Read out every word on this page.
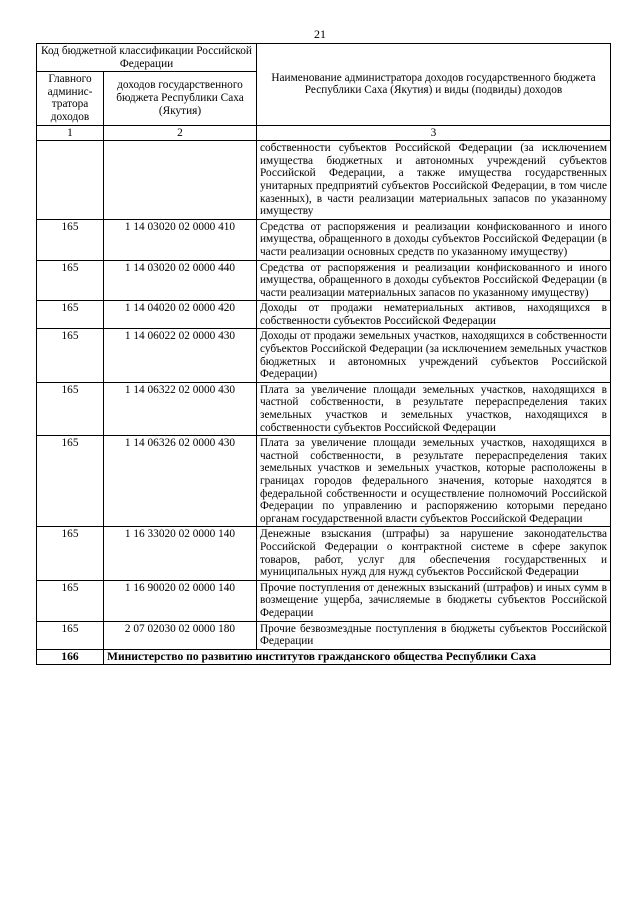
21
Код бюджетной классификации Российской Федерации		Наименование администратора доходов государственного бюджета Республики Саха (Якутия) и виды (подвиды) доходов
Главного админис-тратора доходов	доходов государственного бюджета Республики Саха (Якутия)	
1	2	3
		собственности субъектов Российской Федерации (за исключением имущества бюджетных и автономных учреждений субъектов Российской Федерации, а также имущества государственных унитарных предприятий субъектов Российской Федерации, в том числе казенных), в части реализации материальных запасов по указанному имуществу
165	1 14 03020 02 0000 410	Средства от распоряжения и реализации конфискованного и иного имущества, обращенного в доходы субъектов Российской Федерации (в части реализации основных средств по указанному имуществу)
165	1 14 03020 02 0000 440	Средства от распоряжения и реализации конфискованного и иного имущества, обращенного в доходы субъектов Российской Федерации (в части реализации материальных запасов по указанному имуществу)
165	1 14 04020 02 0000 420	Доходы от продажи нематериальных активов, находящихся в собственности субъектов Российской Федерации
165	1 14 06022 02 0000 430	Доходы от продажи земельных участков, находящихся в собственности субъектов Российской Федерации (за исключением земельных участков бюджетных и автономных учреждений субъектов Российской Федерации)
165	1 14 06322 02 0000 430	Плата за увеличение площади земельных участков, находящихся в частной собственности, в результате перераспределения таких земельных участков и земельных участков, находящихся в собственности субъектов Российской Федерации
165	1 14 06326 02 0000 430	Плата за увеличение площади земельных участков, находящихся в частной собственности, в результате перераспределения таких земельных участков и земельных участков, которые расположены в границах городов федерального значения, которые находятся в федеральной собственности и осуществление полномочий Российской Федерации по управлению и распоряжению которыми передано органам государственной власти субъектов Российской Федерации
165	1 16 33020 02 0000 140	Денежные взыскания (штрафы) за нарушение законодательства Российской Федерации о контрактной системе в сфере закупок товаров, работ, услуг для обеспечения государственных и муниципальных нужд для нужд субъектов Российской Федерации
165	1 16 90020 02 0000 140	Прочие поступления от денежных взысканий (штрафов) и иных сумм в возмещение ущерба, зачисляемые в бюджеты субъектов Российской Федерации
165	2 07 02030 02 0000 180	Прочие безвозмездные поступления в бюджеты субъектов Российской Федерации
166	Министерство по развитию институтов гражданского общества Республики Саха	
